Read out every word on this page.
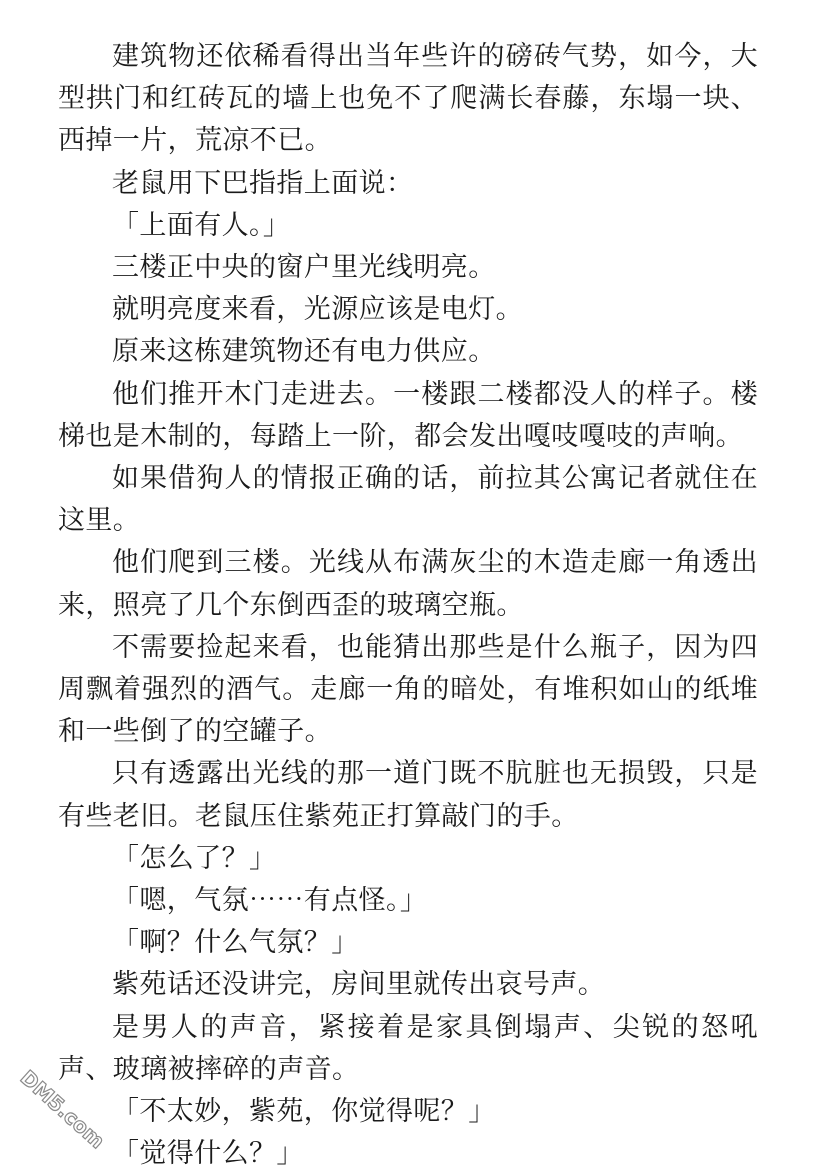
建筑物还依稀看得出当年些许的磅砖气势，如今，大型拱门和红砖瓦的墙上也免不了爬满长春藤，东塌一块、西掉一片，荒凉不已。

老鼠用下巴指指上面说：

「上面有人。」

三楼正中央的窗户里光线明亮。

就明亮度来看，光源应该是电灯。

原来这栋建筑物还有电力供应。

他们推开木门走进去。一楼跟二楼都没人的样子。楼梯也是木制的，每踏上一阶，都会发出嘎吱嘎吱的声响。

如果借狗人的情报正确的话，前拉其公寓记者就住在这里。

他们爬到三楼。光线从布满灰尘的木造走廊一角透出来，照亮了几个东倒西歪的玻璃空瓶。

不需要捡起来看，也能猜出那些是什么瓶子，因为四周飘着强烈的酒气。走廊一角的暗处，有堆积如山的纸堆和一些倒了的空罐子。

只有透露出光线的那一道门既不肮脏也无损毁，只是有些老旧。老鼠压住紫苑正打算敲门的手。

「怎么了？」

「嗯，气氛⋯⋯有点怪。」

「啊？什么气氛？」

紫苑话还没讲完，房间里就传出哀号声。

是男人的声音，紧接着是家具倒塌声、尖锐的怒吼声、玻璃被摔碎的声音。

「不太妙，紫苑，你觉得呢？」

「觉得什么？」

DM5.com
